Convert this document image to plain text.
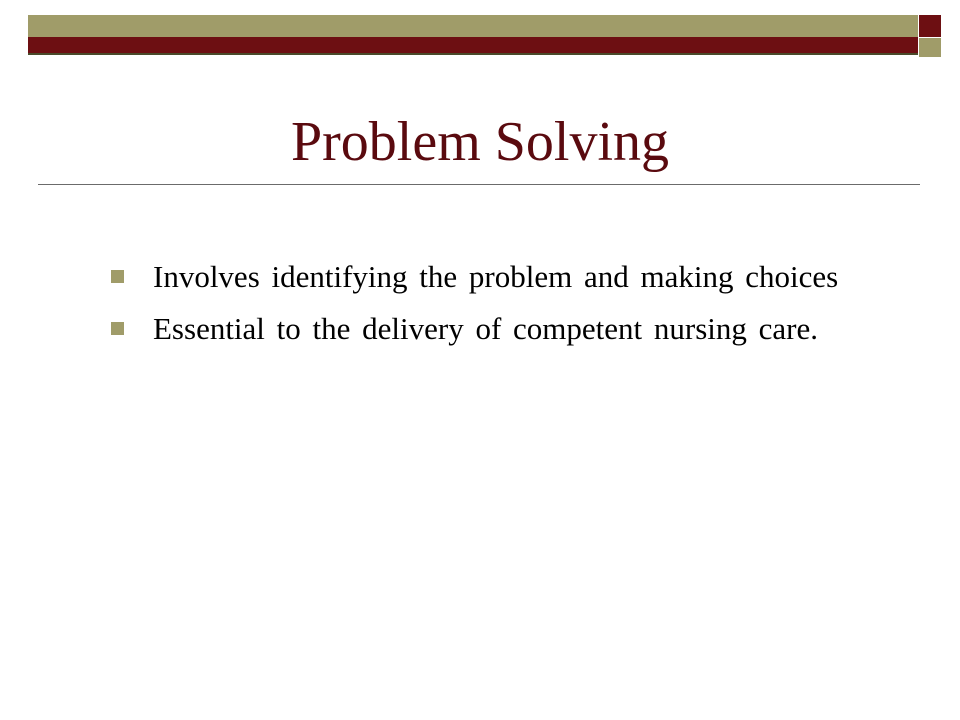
Problem Solving
Involves identifying the problem and making choices
Essential to the delivery of competent nursing care.
